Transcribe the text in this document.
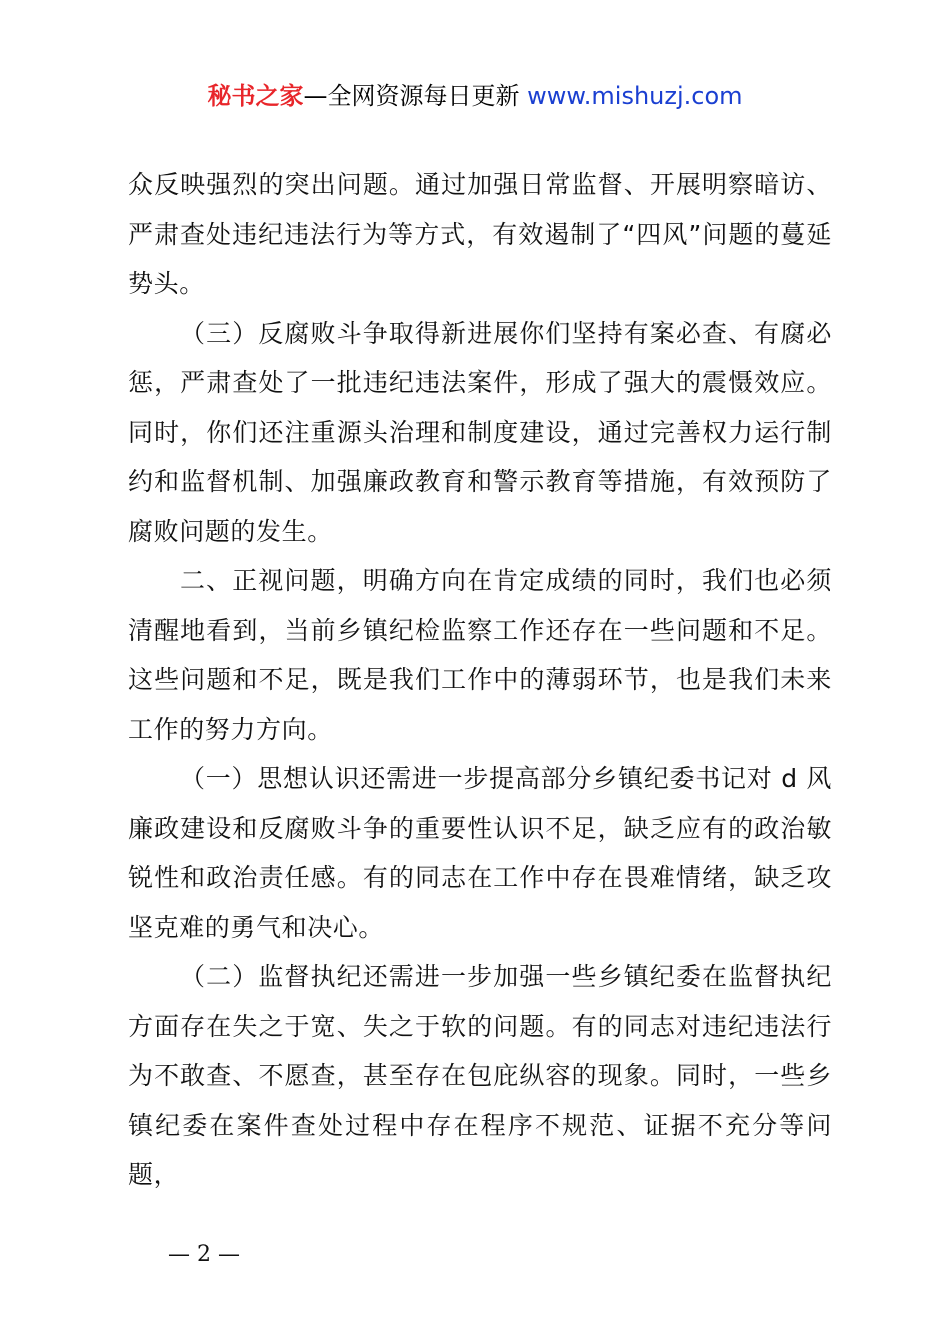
秘书之家—全网资源每日更新 www.mishuzj.com

众反映强烈的突出问题。通过加强日常监督、开展明察暗访、严肃查处违纪违法行为等方式，有效遏制了“四风”问题的蔓延势头。

（三）反腐败斗争取得新进展你们坚持有案必查、有腐必惩，严肃查处了一批违纪违法案件，形成了强大的震慑效应。同时，你们还注重源头治理和制度建设，通过完善权力运行制约和监督机制、加强廉政教育和警示教育等措施，有效预防了腐败问题的发生。

二、正视问题，明确方向在肯定成绩的同时，我们也必须清醒地看到，当前乡镇纪检监察工作还存在一些问题和不足。这些问题和不足，既是我们工作中的薄弱环节，也是我们未来工作的努力方向。

（一）思想认识还需进一步提高部分乡镇纪委书记对 d 风廉政建设和反腐败斗争的重要性认识不足，缺乏应有的政治敏锐性和政治责任感。有的同志在工作中存在畏难情绪，缺乏攻坚克难的勇气和决心。

（二）监督执纪还需进一步加强一些乡镇纪委在监督执纪方面存在失之于宽、失之于软的问题。有的同志对违纪违法行为不敢查、不愿查，甚至存在包庇纵容的现象。同时，一些乡镇纪委在案件查处过程中存在程序不规范、证据不充分等问题，

— 2 —
